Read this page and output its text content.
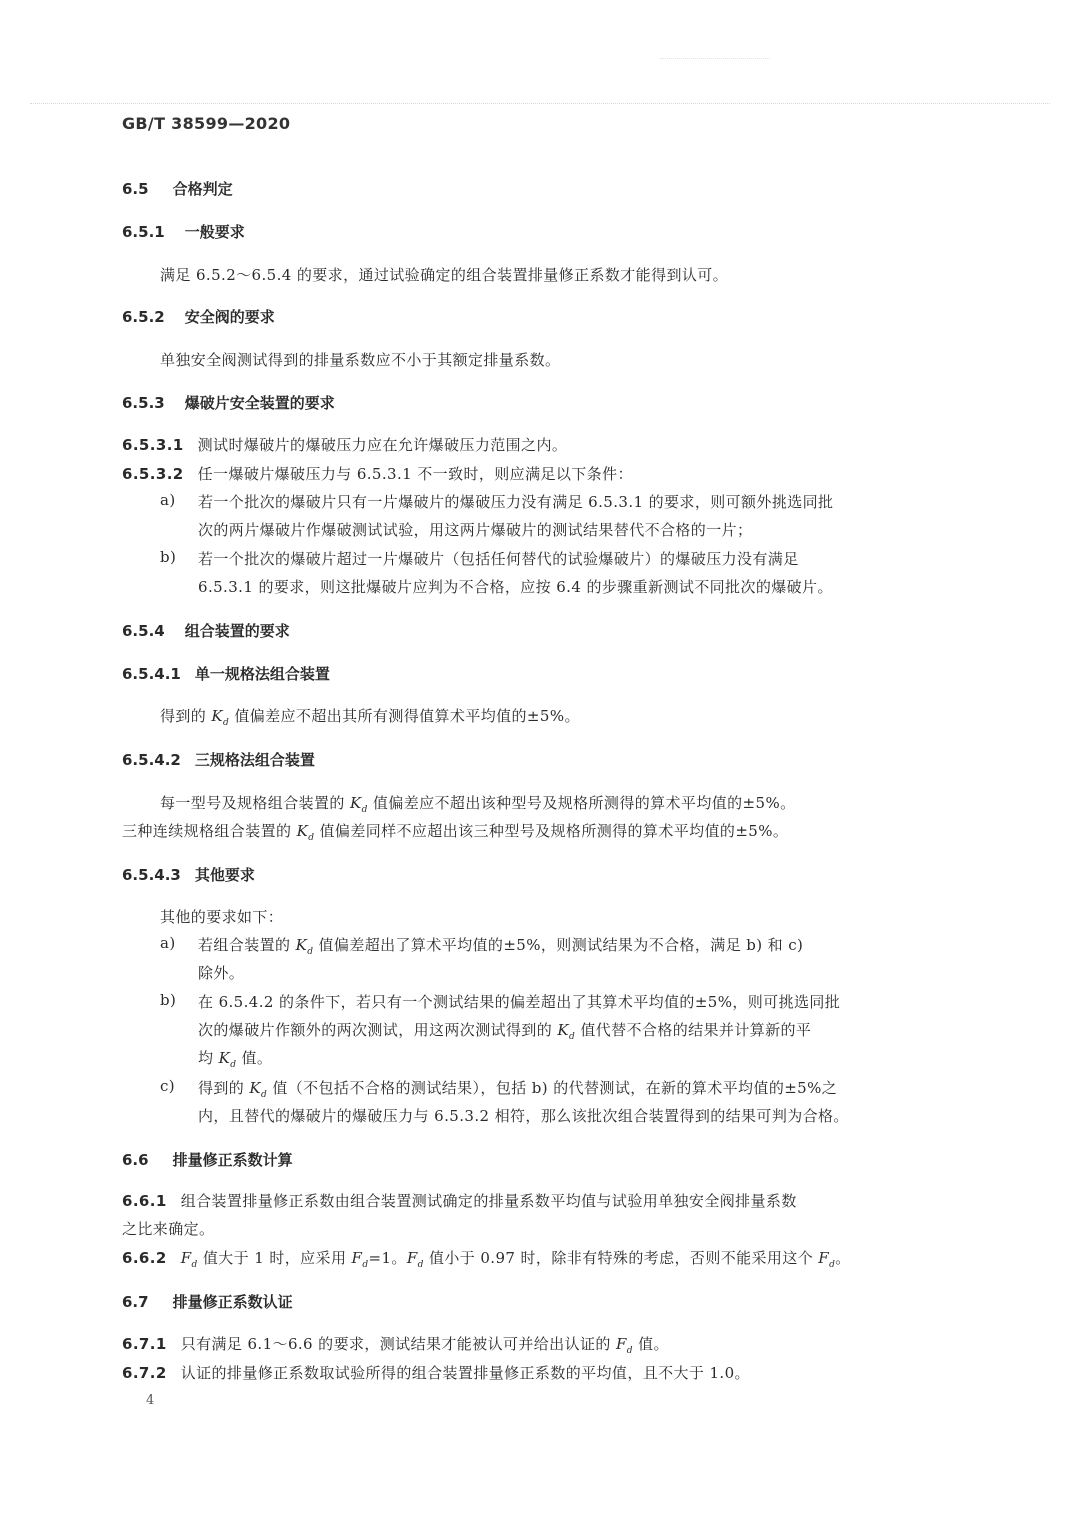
GB/T 38599—2020
6.5 合格判定
6.5.1 一般要求
满足 6.5.2～6.5.4 的要求，通过试验确定的组合装置排量修正系数才能得到认可。
6.5.2 安全阀的要求
单独安全阀测试得到的排量系数应不小于其额定排量系数。
6.5.3 爆破片安全装置的要求
6.5.3.1 测试时爆破片的爆破压力应在允许爆破压力范围之内。
6.5.3.2 任一爆破片爆破压力与 6.5.3.1 不一致时，则应满足以下条件：
a) 若一个批次的爆破片只有一片爆破片的爆破压力没有满足 6.5.3.1 的要求，则可额外挑选同批
次的两片爆破片作爆破测试试验，用这两片爆破片的测试结果替代不合格的一片；
b) 若一个批次的爆破片超过一片爆破片（包括任何替代的试验爆破片）的爆破压力没有满足
6.5.3.1 的要求，则这批爆破片应判为不合格，应按 6.4 的步骤重新测试不同批次的爆破片。
6.5.4 组合装置的要求
6.5.4.1 单一规格法组合装置
得到的 $K_d$ 值偏差应不超出其所有测得值算术平均值的±5%。
6.5.4.2 三规格法组合装置
每一型号及规格组合装置的 $K_d$ 值偏差应不超出该种型号及规格所测得的算术平均值的±5%。
三种连续规格组合装置的 $K_d$ 值偏差同样不应超出该三种型号及规格所测得的算术平均值的±5%。
6.5.4.3 其他要求
其他的要求如下：
a) 若组合装置的 $K_d$ 值偏差超出了算术平均值的±5%，则测试结果为不合格，满足 b) 和 c)
除外。
b) 在 6.5.4.2 的条件下，若只有一个测试结果的偏差超出了其算术平均值的±5%，则可挑选同批
次的爆破片作额外的两次测试，用这两次测试得到的 $K_d$ 值代替不合格的结果并计算新的平
均 $K_d$ 值。
c) 得到的 $K_d$ 值（不包括不合格的测试结果），包括 b) 的代替测试，在新的算术平均值的±5%之
内，且替代的爆破片的爆破压力与 6.5.3.2 相符，那么该批次组合装置得到的结果可判为合格。
6.6 排量修正系数计算
6.6.1 组合装置排量修正系数由组合装置测试确定的排量系数平均值与试验用单独安全阀排量系数
之比来确定。
6.6.2 $F_d$ 值大于 1 时，应采用 $F_d=1$。$F_d$ 值小于 0.97 时，除非有特殊的考虑，否则不能采用这个 $F_d$。
6.7 排量修正系数认证
6.7.1 只有满足 6.1～6.6 的要求，测试结果才能被认可并给出认证的 $F_d$ 值。
6.7.2 认证的排量修正系数取试验所得的组合装置排量修正系数的平均值，且不大于 1.0。
4
